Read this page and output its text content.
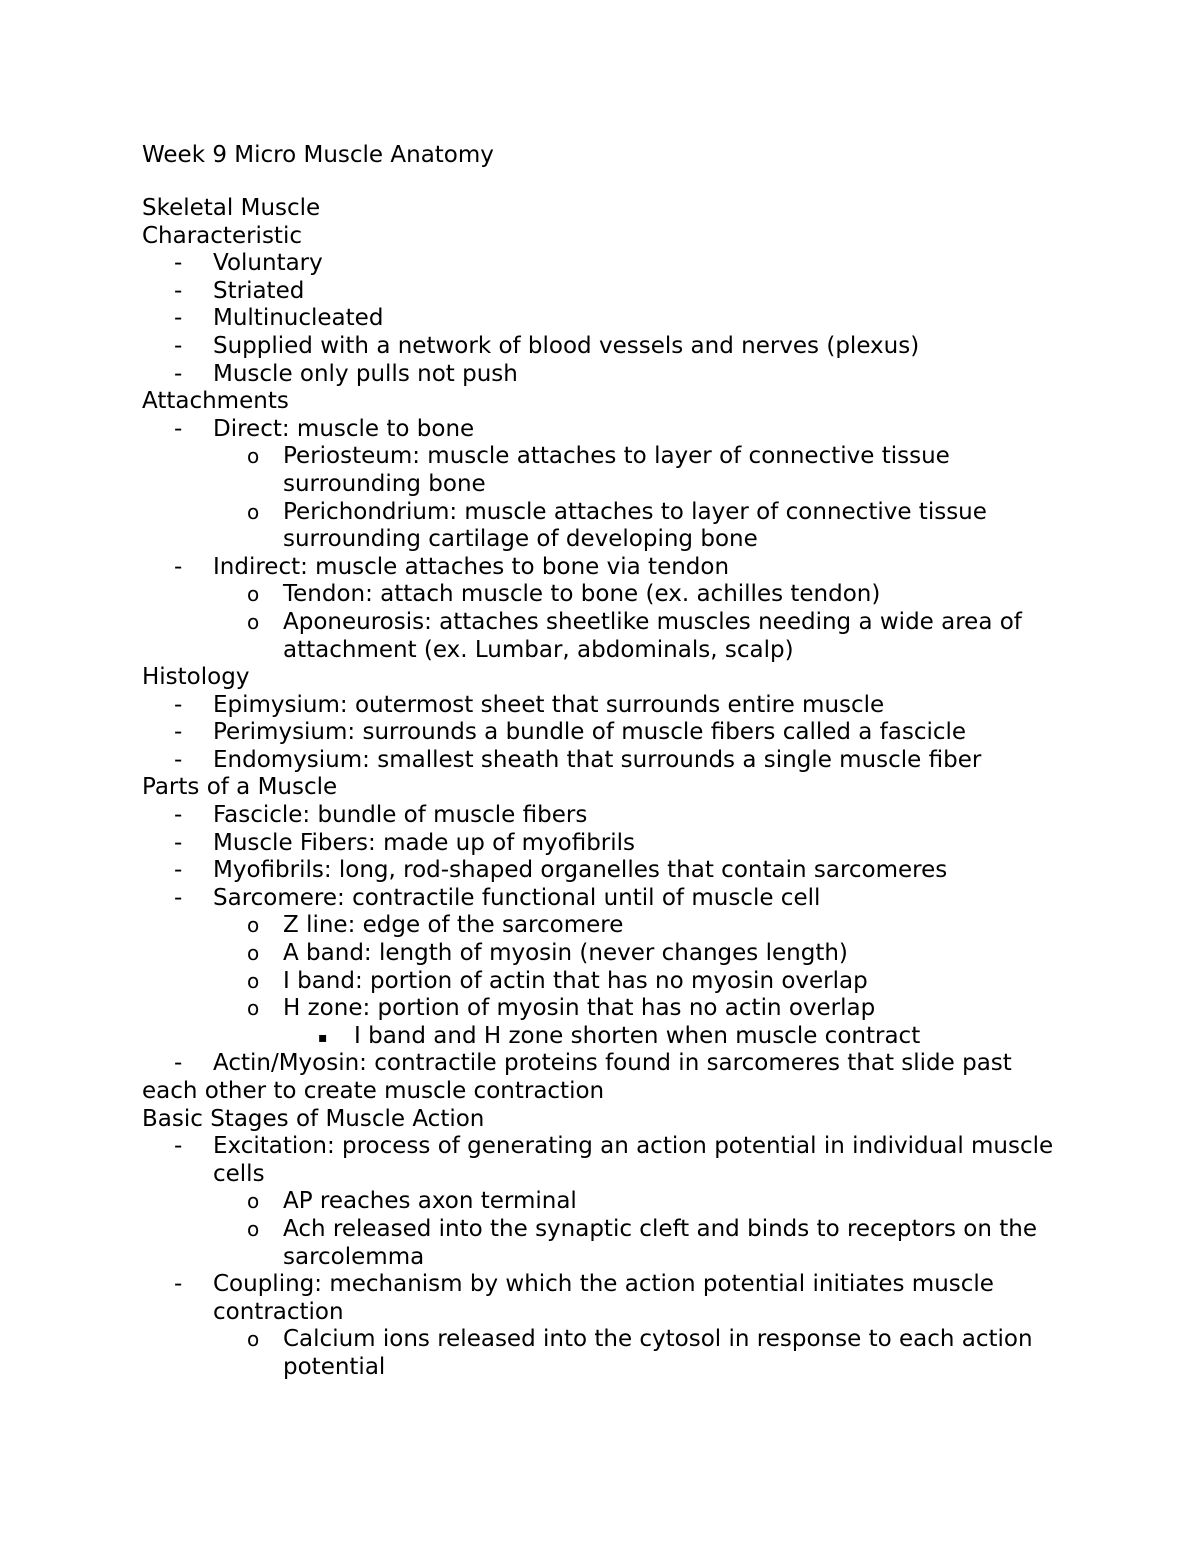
Week 9 Micro Muscle Anatomy

Skeletal Muscle

Characteristic

- Voluntary
- Striated
- Multinucleated
- Supplied with a network of blood vessels and nerves (plexus)
- Muscle only pulls not push

Attachments

- Direct: muscle to bone
o Periosteum: muscle attaches to layer of connective tissue surrounding bone
o Perichondrium: muscle attaches to layer of connective tissue surrounding cartilage of developing bone
- Indirect: muscle attaches to bone via tendon
o Tendon: attach muscle to bone (ex. achilles tendon)
o Aponeurosis: attaches sheetlike muscles needing a wide area of attachment (ex. Lumbar, abdominals, scalp)

Histology

- Epimysium: outermost sheet that surrounds entire muscle
- Perimysium: surrounds a bundle of muscle fibers called a fascicle
- Endomysium: smallest sheath that surrounds a single muscle fiber

Parts of a Muscle

- Fascicle: bundle of muscle fibers
- Muscle Fibers: made up of myofibrils
- Myofibrils: long, rod-shaped organelles that contain sarcomeres
- Sarcomere: contractile functional until of muscle cell
o Z line: edge of the sarcomere
o A band: length of myosin (never changes length)
o I band: portion of actin that has no myosin overlap
o H zone: portion of myosin that has no actin overlap
▪ I band and H zone shorten when muscle contract
- Actin/Myosin: contractile proteins found in sarcomeres that slide past

each other to create muscle contraction

Basic Stages of Muscle Action

- Excitation: process of generating an action potential in individual muscle cells
o AP reaches axon terminal
o Ach released into the synaptic cleft and binds to receptors on the sarcolemma
- Coupling: mechanism by which the action potential initiates muscle contraction
o Calcium ions released into the cytosol in response to each action potential
